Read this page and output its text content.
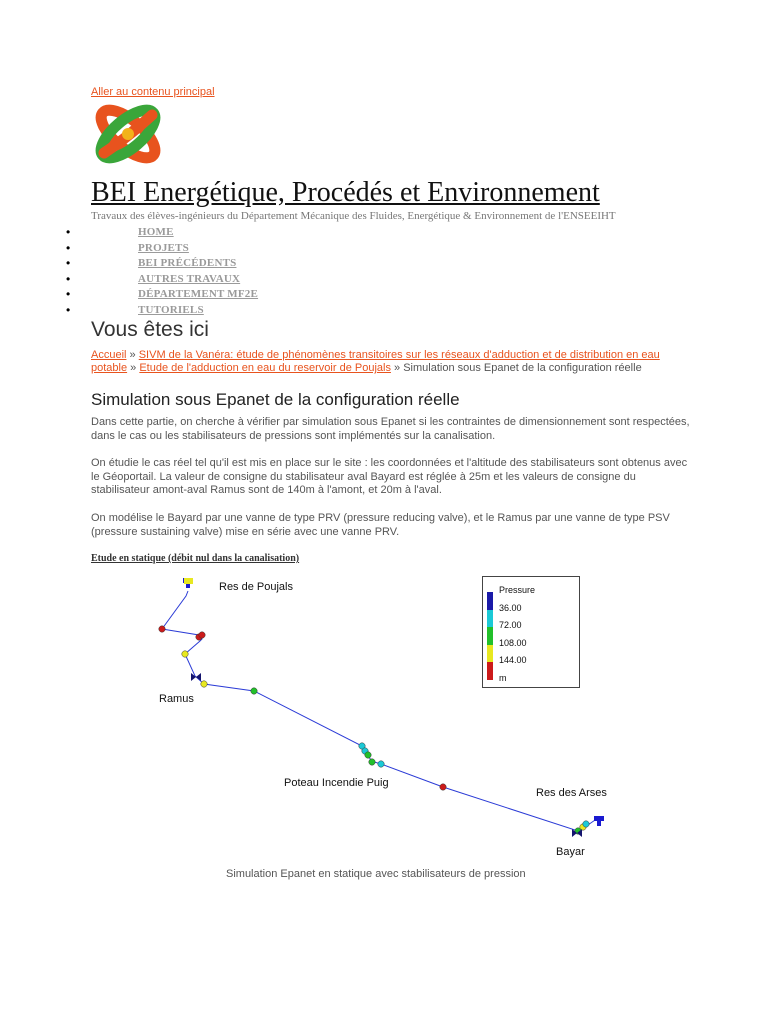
Aller au contenu principal
BEI Energétique, Procédés et Environnement
Travaux des élèves-ingénieurs du Département Mécanique des Fluides, Energétique & Environnement de l'ENSEEIHT
•	HOME
•	PROJETS
•	BEI PRÉCÉDENTS
•	AUTRES TRAVAUX
•	DÉPARTEMENT MF2E
•	TUTORIELS
Vous êtes ici
Accueil » SIVM de la Vanéra: étude de phénomènes transitoires sur les réseaux d'adduction et de distribution en eau potable » Etude de l'adduction en eau du reservoir de Poujals » Simulation sous Epanet de la configuration réelle
Simulation sous Epanet de la configuration réelle

Dans cette partie, on cherche à vérifier par simulation sous Epanet si les contraintes de dimensionnement sont respectées, dans le cas ou les stabilisateurs de pressions sont implémentés sur la canalisation.

On étudie le cas réel tel qu'il est mis en place sur le site : les coordonnées et l'altitude des stabilisateurs sont obtenus avec le Géoportail. La valeur de consigne du stabilisateur aval Bayard est réglée à 25m et les valeurs de consigne du stabilisateur amont-aval Ramus sont de 140m à l'amont, et 20m à l'aval.

On modélise le Bayard par une vanne de type PRV (pressure reducing valve), et le Ramus par une vanne de type PSV (pressure sustaining valve) mise en série avec une vanne PRV.

Etude en statique (débit nul dans la canalisation)
Res de Poujals
Ramus
Poteau Incendie Puig
Res des Arses
Bayar
Pressure
36.00
72.00
108.00
144.00
m
Simulation Epanet en statique avec stabilisateurs de pression
